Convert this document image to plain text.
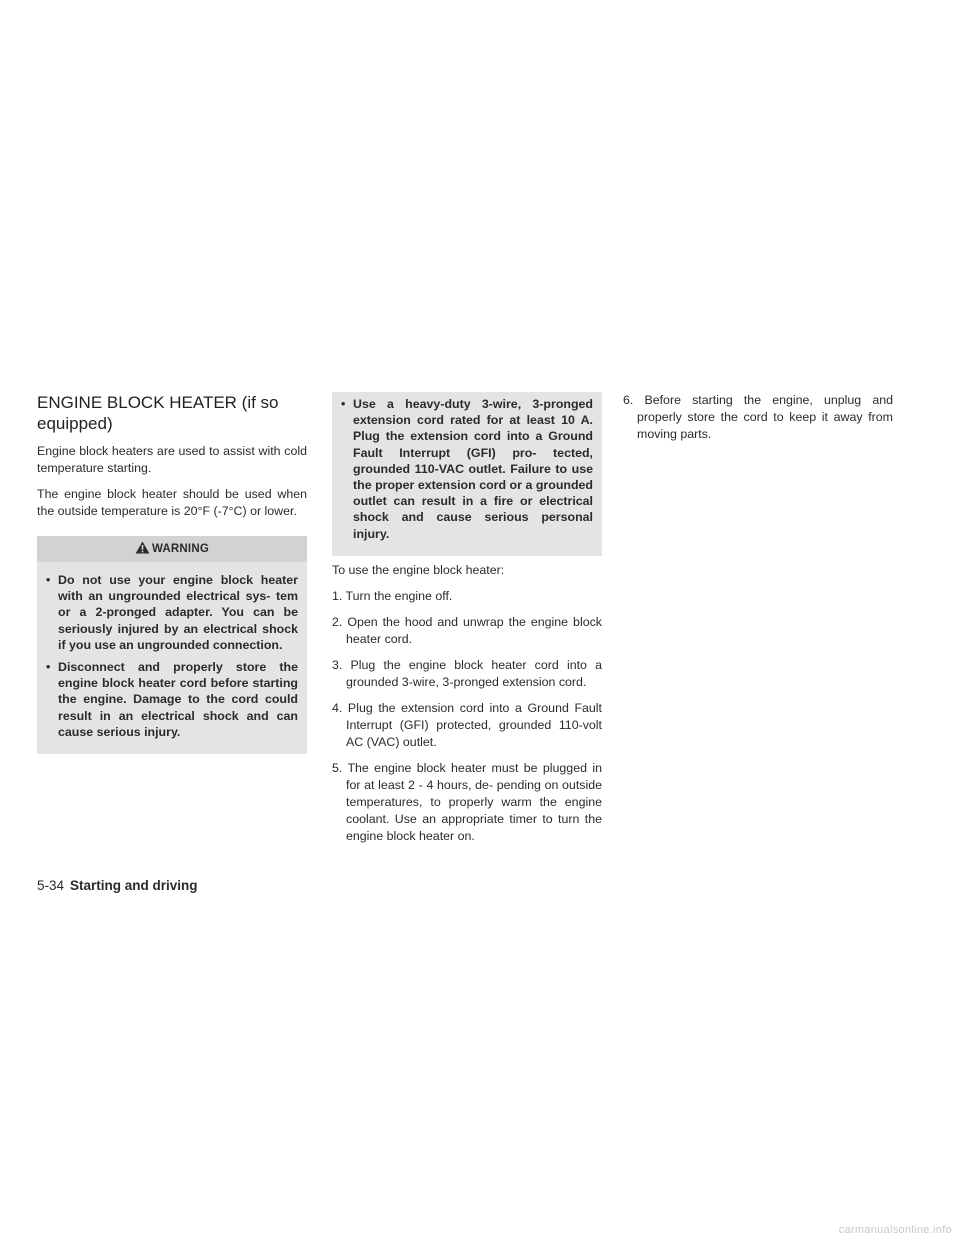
ENGINE BLOCK HEATER (if so equipped)

Engine block heaters are used to assist with cold temperature starting.

The engine block heater should be used when the outside temperature is 20°F (-7°C) or lower.

WARNING
• Do not use your engine block heater with an ungrounded electrical sys- tem or a 2-pronged adapter. You can be seriously injured by an electrical shock if you use an ungrounded connection.
• Disconnect and properly store the engine block heater cord before starting the engine. Damage to the cord could result in an electrical shock and can cause serious injury.
• Use a heavy-duty 3-wire, 3-pronged extension cord rated for at least 10 A. Plug the extension cord into a Ground Fault Interrupt (GFI) pro- tected, grounded 110-VAC outlet. Failure to use the proper extension cord or a grounded outlet can result in a fire or electrical shock and cause serious personal injury.

To use the engine block heater:

1. Turn the engine off.
2. Open the hood and unwrap the engine block heater cord.
3. Plug the engine block heater cord into a grounded 3-wire, 3-pronged extension cord.
4. Plug the extension cord into a Ground Fault Interrupt (GFI) protected, grounded 110-volt AC (VAC) outlet.
5. The engine block heater must be plugged in for at least 2 - 4 hours, de- pending on outside temperatures, to properly warm the engine coolant. Use an appropriate timer to turn the engine block heater on.
6. Before starting the engine, unplug and properly store the cord to keep it away from moving parts.
5-34 Starting and driving
carmanualsonline.info
